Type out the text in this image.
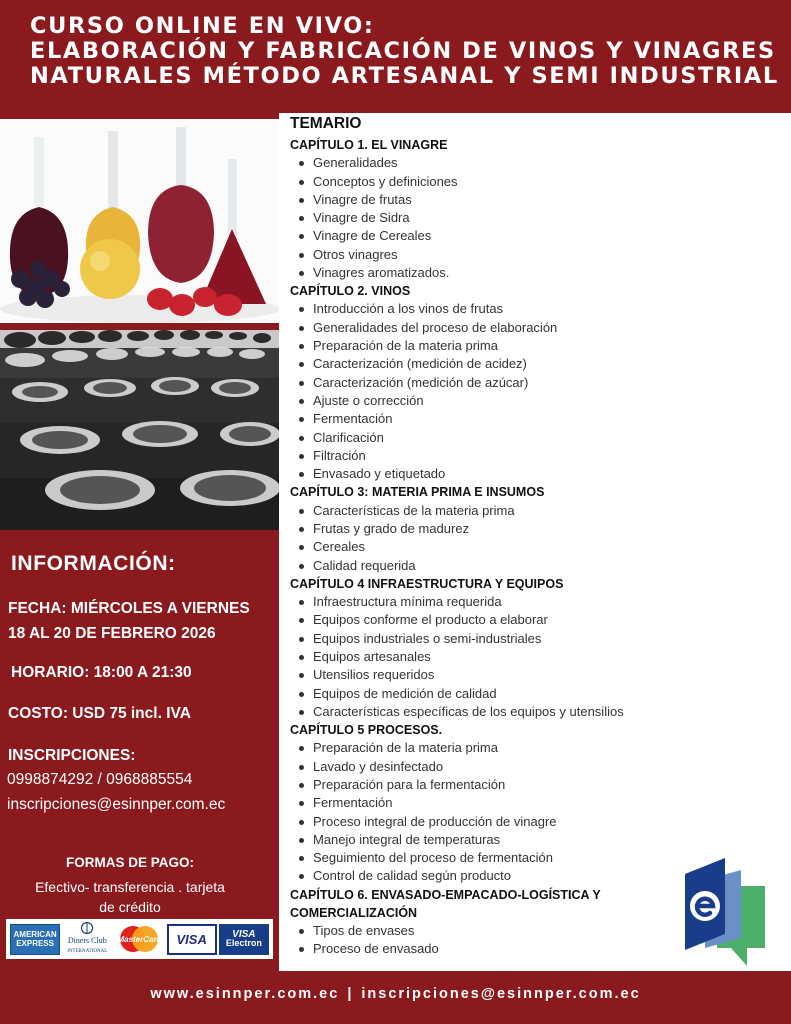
CURSO ONLINE EN VIVO:
ELABORACIÓN Y FABRICACIÓN DE VINOS Y VINAGRES
NATURALES MÉTODO ARTESANAL Y SEMI INDUSTRIAL
INFORMACIÓN:
FECHA: MIÉRCOLES A VIERNES
18 AL 20 DE FEBRERO 2026
HORARIO: 18:00 A 21:30
COSTO: USD 75 incl. IVA
INSCRIPCIONES:
0998874292 / 0968885554
inscripciones@esinnper.com.ec
FORMAS DE PAGO:
Efectivo- transferencia . tarjeta
de crédito
AMERICAN
EXPRESS	Diners Club
INTERNATIONAL
MasterCard VISA	VISA
Electron
TEMARIO
CAPÍTULO 1. EL VINAGRE
Generalidades
Conceptos y definiciones
Vinagre de frutas
Vinagre de Sidra
Vinagre de Cereales
Otros vinagres
Vinagres aromatizados.
CAPÍTULO 2. VINOS
Introducción a los vinos de frutas
Generalidades del proceso de elaboración
Preparación de la materia prima
Caracterización (medición de acidez)
Caracterización (medición de azúcar)
Ajuste o corrección
Fermentación
Clarificación
Filtración
Envasado y etiquetado
CAPÍTULO 3: MATERIA PRIMA E INSUMOS
Características de la materia prima
Frutas y grado de madurez
Cereales
Calidad requerida
CAPÍTULO 4 INFRAESTRUCTURA Y EQUIPOS
Infraestructura mínima requerida
Equipos conforme el producto a elaborar
Equipos industriales o semi-industriales
Equipos artesanales
Utensilios requeridos
Equipos de medición de calidad
Características específicas de los equipos y utensilios
CAPÍTULO 5 PROCESOS.
Preparación de la materia prima
Lavado y desinfectado
Preparación para la fermentación
Fermentación
Proceso integral de producción de vinagre
Manejo integral de temperaturas
Seguimiento del proceso de fermentación
Control de calidad según producto
CAPÍTULO 6. ENVASADO-EMPACADO-LOGÍSTICA Y COMERCIALIZACIÓN
Tipos de envases
Proceso de envasado
www.esinnper.com.ec | inscripciones@esinnper.com.ec
